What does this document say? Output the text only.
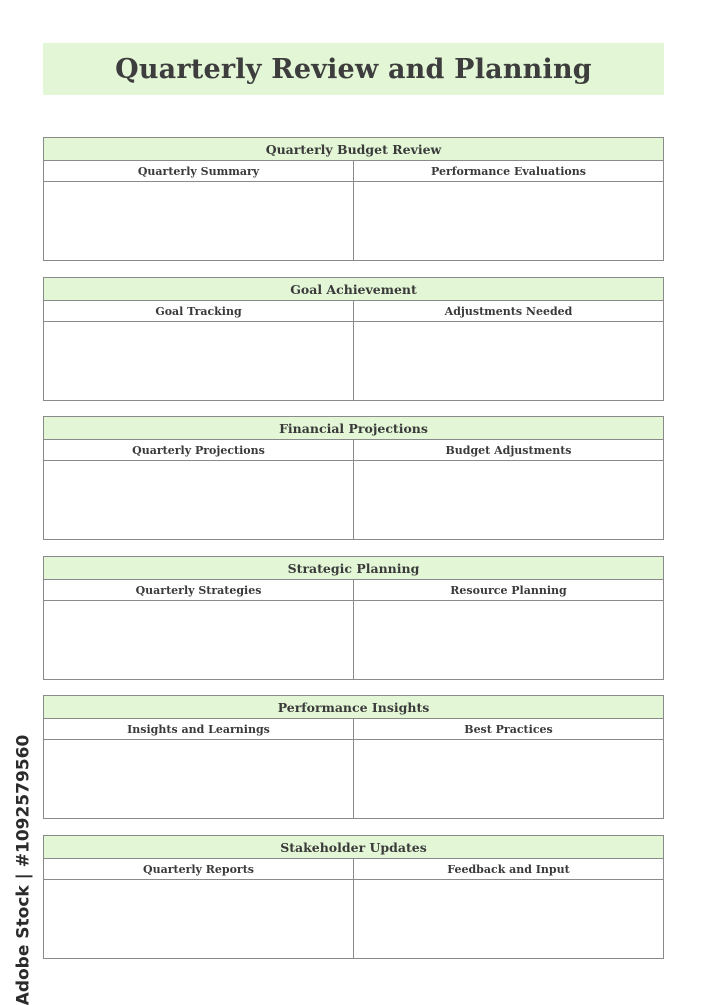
Quarterly Review and Planning
Quarterly Budget Review
Quarterly Summary	Performance Evaluations
Goal Achievement
Goal Tracking	Adjustments Needed
Financial Projections
Quarterly Projections	Budget Adjustments
Strategic Planning
Quarterly Strategies	Resource Planning
Performance Insights
Insights and Learnings	Best Practices
Stakeholder Updates
Quarterly Reports	Feedback and Input
Adobe Stock | #1092579560
